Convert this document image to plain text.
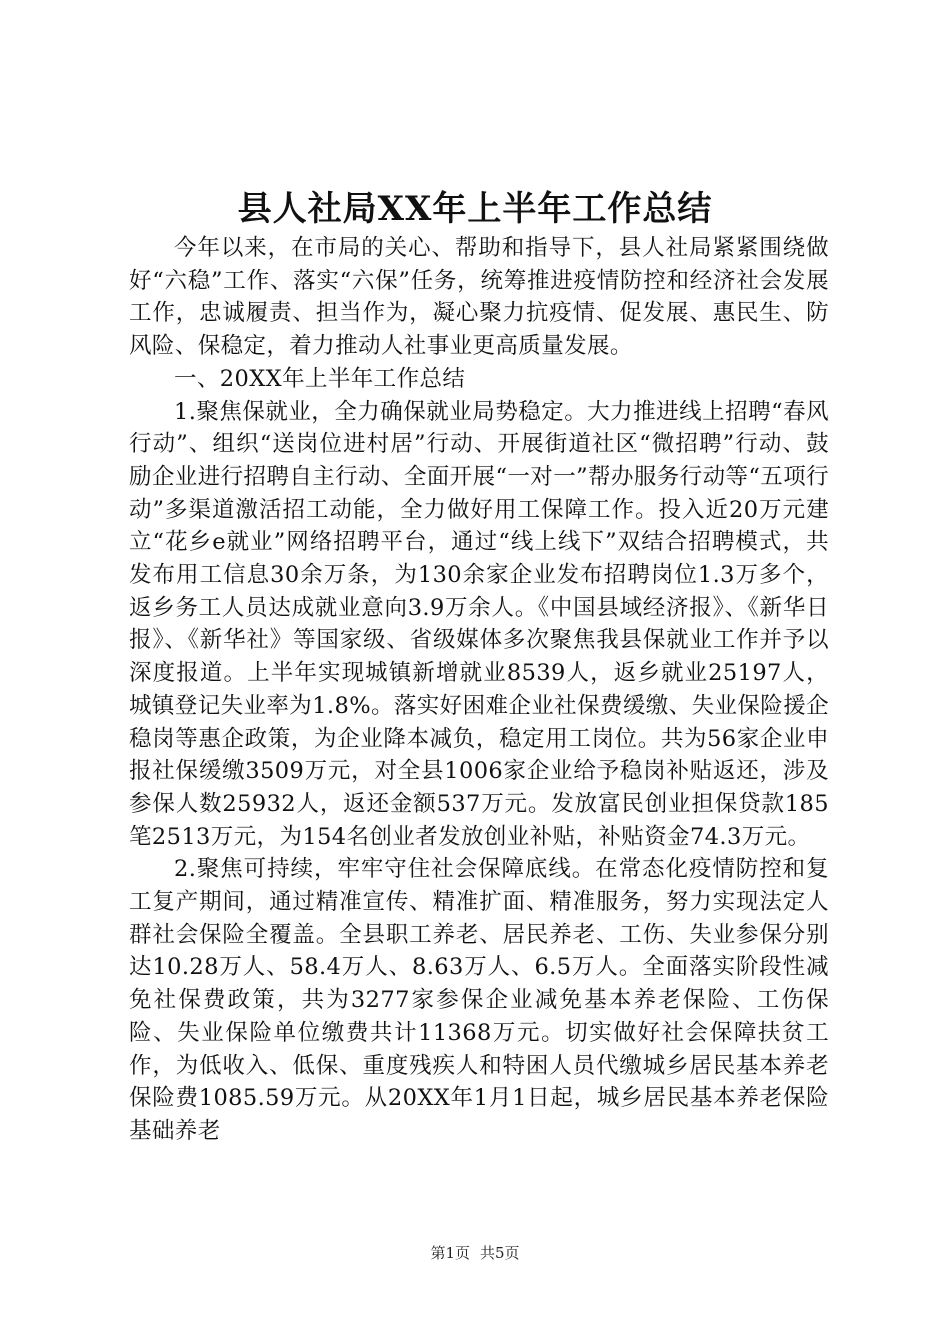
县人社局XX年上半年工作总结

今年以来，在市局的关心、帮助和指导下，县人社局紧紧围绕做好“六稳”工作、落实“六保”任务，统筹推进疫情防控和经济社会发展工作，忠诚履责、担当作为，凝心聚力抗疫情、促发展、惠民生、防风险、保稳定，着力推动人社事业更高质量发展。

一、20XX年上半年工作总结

1.聚焦保就业，全力确保就业局势稳定。大力推进线上招聘“春风行动”、组织“送岗位进村居”行动、开展街道社区“微招聘”行动、鼓励企业进行招聘自主行动、全面开展“一对一”帮办服务行动等“五项行动”多渠道激活招工动能，全力做好用工保障工作。投入近20万元建立“花乡e就业”网络招聘平台，通过“线上线下”双结合招聘模式，共发布用工信息30余万条，为130余家企业发布招聘岗位1.3万多个，返乡务工人员达成就业意向3.9万余人。《中国县域经济报》、《新华日报》、《新华社》等国家级、省级媒体多次聚焦我县保就业工作并予以深度报道。上半年实现城镇新增就业8539人，返乡就业25197人，城镇登记失业率为1.8%。落实好困难企业社保费缓缴、失业保险援企稳岗等惠企政策，为企业降本减负，稳定用工岗位。共为56家企业申报社保缓缴3509万元，对全县1006家企业给予稳岗补贴返还，涉及参保人数25932人，返还金额537万元。发放富民创业担保贷款185笔2513万元，为154名创业者发放创业补贴，补贴资金74.3万元。

2.聚焦可持续，牢牢守住社会保障底线。在常态化疫情防控和复工复产期间，通过精准宣传、精准扩面、精准服务，努力实现法定人群社会保险全覆盖。全县职工养老、居民养老、工伤、失业参保分别达10.28万人、58.4万人、8.63万人、6.5万人。全面落实阶段性减免社保费政策，共为3277家参保企业减免基本养老保险、工伤保险、失业保险单位缴费共计11368万元。切实做好社会保障扶贫工作，为低收入、低保、重度残疾人和特困人员代缴城乡居民基本养老保险费1085.59万元。从20XX年1月1日起，城乡居民基本养老保险基础养老

第1页 共5页
